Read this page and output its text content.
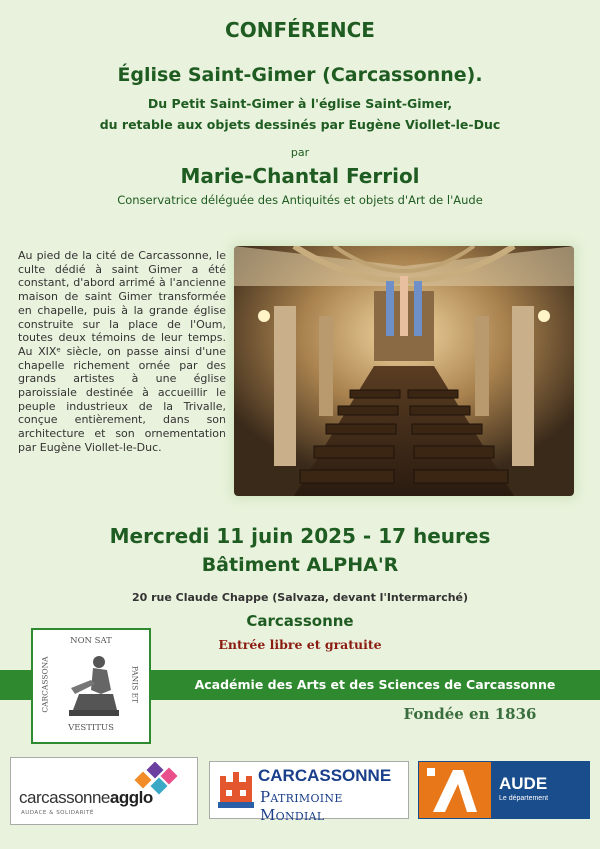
CONFÉRENCE
Église Saint-Gimer (Carcassonne).
Du Petit Saint-Gimer à l'église Saint-Gimer,
du retable aux objets dessinés par Eugène Viollet-le-Duc
par
Marie-Chantal Ferriol
Conservatrice déléguée des Antiquités et objets d'Art de l'Aude
Au pied de la cité de Carcassonne, le culte dédié à saint Gimer a été constant, d'abord arrimé à l'ancienne maison de saint Gimer transformée en chapelle, puis à la grande église construite sur la place de l'Oum, toutes deux témoins de leur temps. Au XIXᵉ siècle, on passe ainsi d'une chapelle richement ornée par des grands artistes à une église paroissiale destinée à accueillir le peuple industrieux de la Trivalle, conçue entièrement, dans son architecture et son ornementation par Eugène Viollet-le-Duc.
Mercredi 11 juin 2025 - 17 heures
Bâtiment ALPHA'R
20 rue Claude Chappe (Salvaza, devant l'Intermarché)
Carcassonne
Entrée libre et gratuite
Académie des Arts et des Sciences de Carcassonne
Fondée en 1836
NON SAT
CARCASSONA	PANIS ET
VESTITUS
carcassonneagglo
AUDACE & SOLIDARITÉ
CARCASSONNE
Patrimoine Mondial
AUDE
Le département
